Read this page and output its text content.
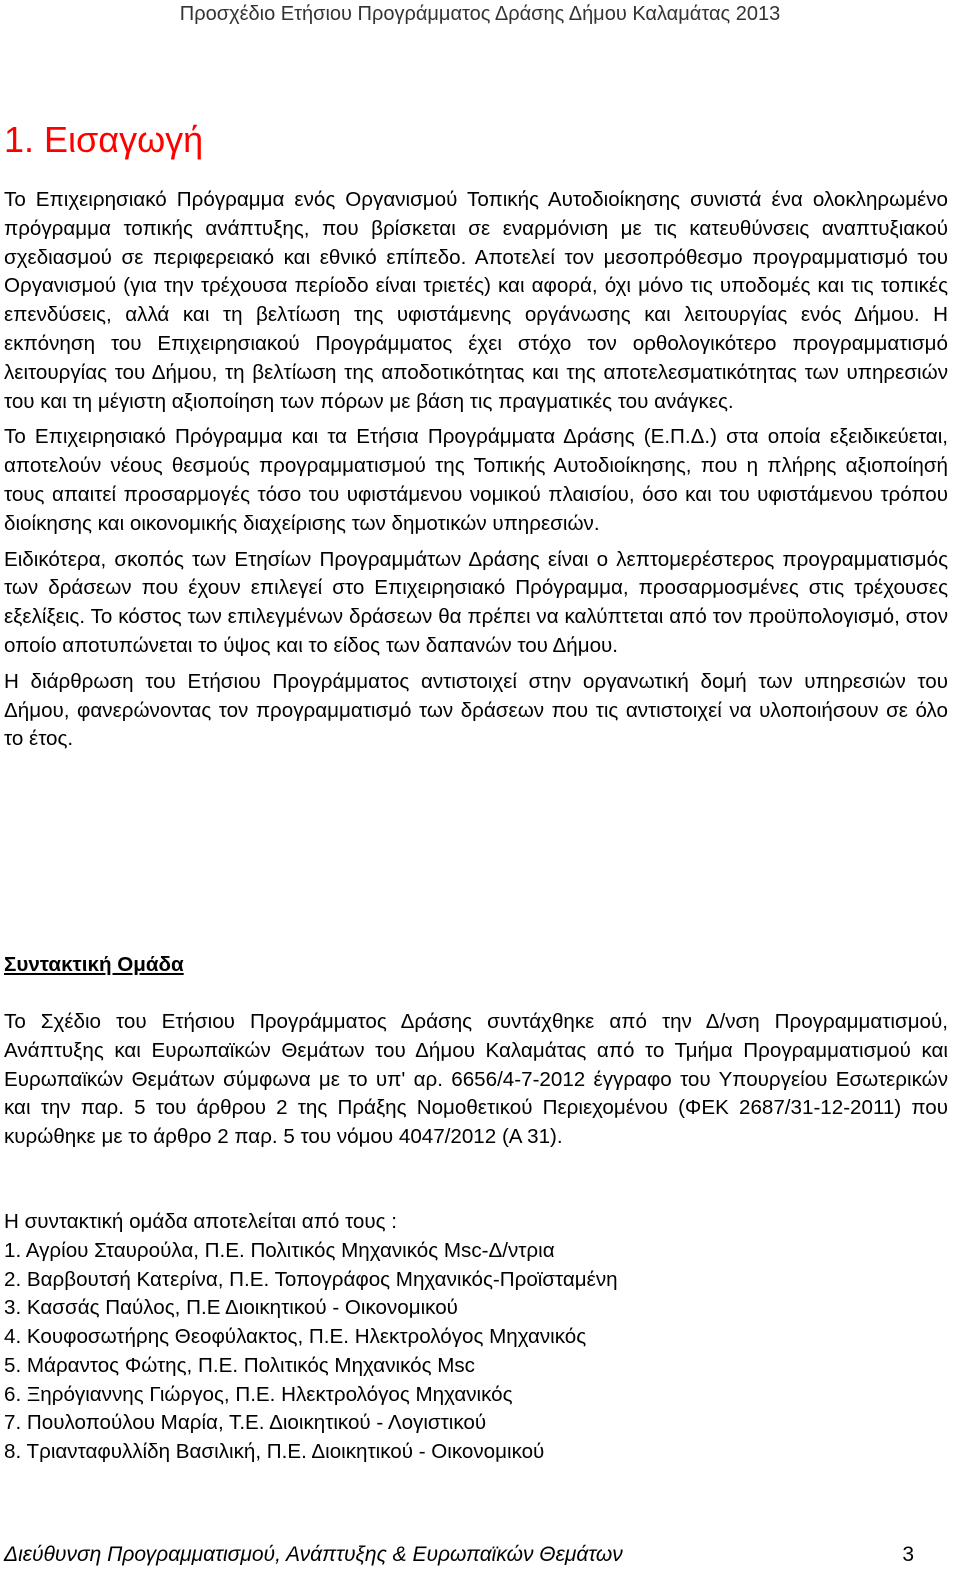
Προσχέδιο Ετήσιου Προγράμματος Δράσης Δήμου Καλαμάτας 2013
1. Εισαγωγή

Το Επιχειρησιακό Πρόγραμμα ενός Οργανισμού Τοπικής Αυτοδιοίκησης συνιστά ένα ολοκληρωμένο πρόγραμμα τοπικής ανάπτυξης, που βρίσκεται σε εναρμόνιση με τις κατευθύνσεις αναπτυξιακού σχεδιασμού σε περιφερειακό και εθνικό επίπεδο. Αποτελεί τον μεσοπρόθεσμο προγραμματισμό του Οργανισμού (για την τρέχουσα περίοδο είναι τριετές) και αφορά, όχι μόνο τις υποδομές και τις τοπικές επενδύσεις, αλλά και τη βελτίωση της υφιστάμενης οργάνωσης και λειτουργίας ενός Δήμου. Η εκπόνηση του Επιχειρησιακού Προγράμματος έχει στόχο τον ορθολογικότερο προγραμματισμό λειτουργίας του Δήμου, τη βελτίωση της αποδοτικότητας και της αποτελεσματικότητας των υπηρεσιών του και τη μέγιστη αξιοποίηση των πόρων με βάση τις πραγματικές του ανάγκες.

Το Επιχειρησιακό Πρόγραμμα και τα Ετήσια Προγράμματα Δράσης (Ε.Π.Δ.) στα οποία εξειδικεύεται, αποτελούν νέους θεσμούς προγραμματισμού της Τοπικής Αυτοδιοίκησης, που η πλήρης αξιοποίησή τους απαιτεί προσαρμογές τόσο του υφιστάμενου νομικού πλαισίου, όσο και του υφιστάμενου τρόπου διοίκησης και οικονομικής διαχείρισης των δημοτικών υπηρεσιών.

Ειδικότερα, σκοπός των Ετησίων Προγραμμάτων Δράσης είναι ο λεπτομερέστερος προγραμματισμός των δράσεων που έχουν επιλεγεί στο Επιχειρησιακό Πρόγραμμα, προσαρμοσμένες στις τρέχουσες εξελίξεις. Το κόστος των επιλεγμένων δράσεων θα πρέπει να καλύπτεται από τον προϋπολογισμό, στον οποίο αποτυπώνεται το ύψος και το είδος των δαπανών του Δήμου.

Η διάρθρωση του Ετήσιου Προγράμματος αντιστοιχεί στην οργανωτική δομή των υπηρεσιών του Δήμου, φανερώνοντας τον προγραμματισμό των δράσεων που τις αντιστοιχεί να υλοποιήσουν σε όλο το έτος.

Συντακτική Ομάδα

Το Σχέδιο του Ετήσιου Προγράμματος Δράσης συντάχθηκε από την Δ/νση Προγραμματισμού, Ανάπτυξης και Ευρωπαϊκών Θεμάτων του Δήμου Καλαμάτας από το Τμήμα Προγραμματισμού και Ευρωπαϊκών Θεμάτων σύμφωνα με το υπ' αρ. 6656/4-7-2012 έγγραφο του Υπουργείου Εσωτερικών και την παρ. 5 του άρθρου 2 της Πράξης Νομοθετικού Περιεχομένου (ΦΕΚ 2687/31-12-2011) που κυρώθηκε με το άρθρο 2 παρ. 5 του νόμου 4047/2012 (Α 31).

Η συντακτική ομάδα αποτελείται από τους :

1. Αγρίου Σταυρούλα, Π.Ε. Πολιτικός Μηχανικός Msc-Δ/ντρια
2. Βαρβουτσή Κατερίνα, Π.Ε. Τοπογράφος Μηχανικός-Προϊσταμένη
3. Κασσάς Παύλος, Π.Ε Διοικητικού - Οικονομικού
4. Κουφοσωτήρης Θεοφύλακτος, Π.Ε. Ηλεκτρολόγος Μηχανικός
5. Μάραντος Φώτης, Π.Ε. Πολιτικός Μηχανικός Msc
6. Ξηρόγιαννης Γιώργος, Π.Ε. Ηλεκτρολόγος Μηχανικός
7. Πουλοπούλου Μαρία, Τ.Ε. Διοικητικού - Λογιστικού
8. Τριανταφυλλίδη Βασιλική, Π.Ε. Διοικητικού - Οικονομικού
Διεύθυνση Προγραμματισμού, Ανάπτυξης & Ευρωπαϊκών Θεμάτων	3
